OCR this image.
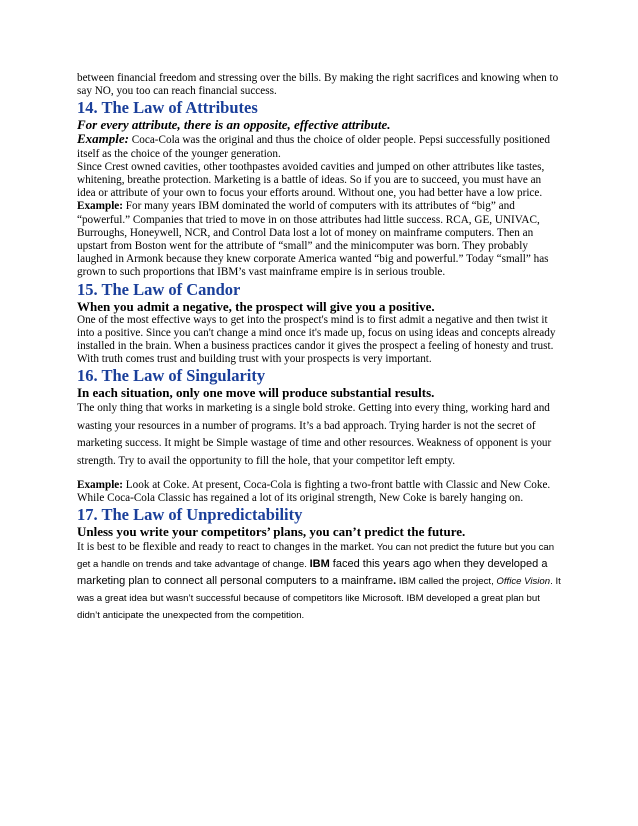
between financial freedom and stressing over the bills. By making the right sacrifices and knowing when to say NO, you too can reach financial success.

14. The Law of Attributes

For every attribute, there is an opposite, effective attribute.

Example: Coca-Cola was the original and thus the choice of older people. Pepsi successfully positioned itself as the choice of the younger generation.

Since Crest owned cavities, other toothpastes avoided cavities and jumped on other attributes like tastes, whitening, breathe protection. Marketing is a battle of ideas. So if you are to succeed, you must have an idea or attribute of your own to focus your efforts around. Without one, you had better have a low price.

Example: For many years IBM dominated the world of computers with its attributes of “big” and “powerful.” Companies that tried to move in on those attributes had little success. RCA, GE, UNIVAC, Burroughs, Honeywell, NCR, and Control Data lost a lot of money on mainframe computers. Then an upstart from Boston went for the attribute of “small” and the minicomputer was born. They probably laughed in Armonk because they knew corporate America wanted “big and powerful.” Today “small” has grown to such proportions that IBM’s vast mainframe empire is in serious trouble.

15. The Law of Candor

When you admit a negative, the prospect will give you a positive.

One of the most effective ways to get into the prospect's mind is to first admit a negative and then twist it into a positive. Since you can't change a mind once it's made up, focus on using ideas and concepts already installed in the brain. When a business practices candor it gives the prospect a feeling of honesty and trust. With truth comes trust and building trust with your prospects is very important.

16. The Law of Singularity

In each situation, only one move will produce substantial results.

The only thing that works in marketing is a single bold stroke. Getting into every thing, working hard and wasting your resources in a number of programs. It’s a bad approach. Trying harder is not the secret of marketing success. It might be Simple wastage of time and other resources. Weakness of opponent is your strength. Try to avail the opportunity to fill the hole, that your competitor left empty.

Example: Look at Coke. At present, Coca-Cola is fighting a two-front battle with Classic and New Coke. While Coca-Cola Classic has regained a lot of its original strength, New Coke is barely hanging on.

17. The Law of Unpredictability

Unless you write your competitors’ plans, you can’t predict the future.

It is best to be flexible and ready to react to changes in the market. You can not predict the future but you can get a handle on trends and take advantage of change. IBM faced this years ago when they developed a marketing plan to connect all personal computers to a mainframe. IBM called the project, Office Vision. It was a great idea but wasn’t successful because of competitors like Microsoft. IBM developed a great plan but didn’t anticipate the unexpected from the competition.
